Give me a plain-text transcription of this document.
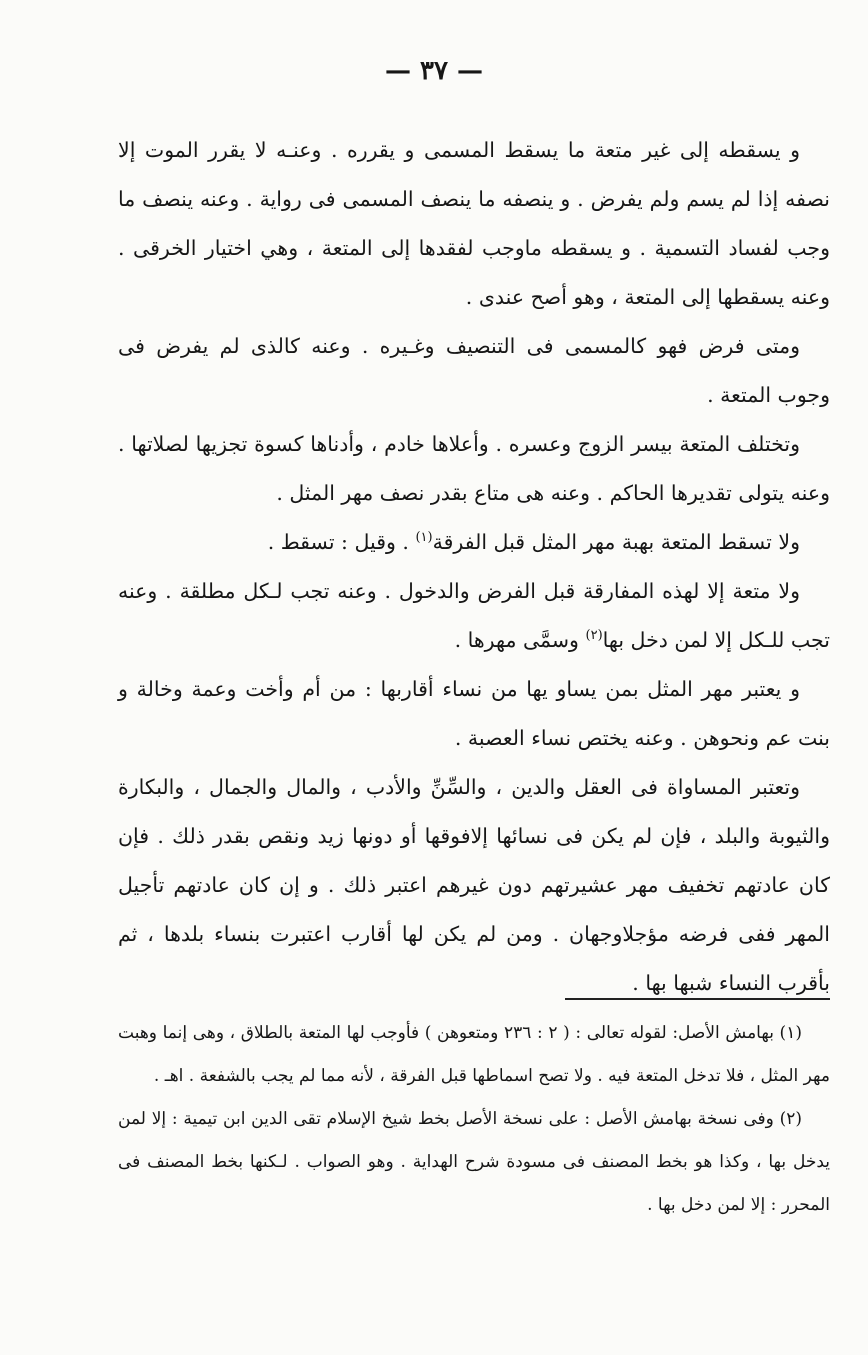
— ٣٧ —

و يسقطه إلى غير متعة ما يسقط المسمى و يقرره . وعنـه لا يقرر الموت إلا نصفه إذا لم يسم ولم يفرض . و ينصفه ما ينصف المسمى فى رواية . وعنه ينصف ما وجب لفساد التسمية . و يسقطه ماوجب لفقدها إلى المتعة ، وهي اختيار الخرقى . وعنه يسقطها إلى المتعة ، وهو أصح عندى .

ومتى فرض فهو كالمسمى فى التنصيف وغـيره . وعنه كالذى لم يفرض فى وجوب المتعة .

وتختلف المتعة بيسر الزوج وعسره . وأعلاها خادم ، وأدناها كسوة تجزيها لصلاتها . وعنه يتولى تقديرها الحاكم . وعنه هى متاع بقدر نصف مهر المثل .

ولا تسقط المتعة بهبة مهر المثل قبل الفرقة$^{(١)}$ . وقيل : تسقط .

ولا متعة إلا لهذه المفارقة قبل الفرض والدخول . وعنه تجب لـكل مطلقة . وعنه تجب للـكل إلا لمن دخل بها$^{(٢)}$ وسمَّى مهرها .

و يعتبر مهر المثل بمن يساو يها من نساء أقاربها : من أم وأخت وعمة وخالة و بنت عم ونحوهن . وعنه يختص نساء العصبة .

وتعتبر المساواة فى العقل والدين ، والسِّنِّ والأدب ، والمال والجمال ، والبكارة والثيوبة والبلد ، فإن لم يكن فى نسائها إلافوقها أو دونها زيد ونقص بقدر ذلك . فإن كان عادتهم تخفيف مهر عشيرتهم دون غيرهم اعتبر ذلك . و إن كان عادتهم تأجيل المهر ففى فرضه مؤجلاوجهان . ومن لم يكن لها أقارب اعتبرت بنساء بلدها ، ثم بأقرب النساء شبها بها .

(١) بهامش الأصل: لقوله تعالى : ( ٢ : ٢٣٦ ومتعوهن ) فأوجب لها المتعة بالطلاق ، وهى إنما وهبت مهر المثل ، فلا تدخل المتعة فيه . ولا تصح اسماطها قبل الفرقة ، لأنه مما لم يجب بالشفعة . اهـ .

(٢) وفى نسخة بهامش الأصل : على نسخة الأصل بخط شيخ الإسلام تقى الدين ابن تيمية : إلا لمن يدخل بها ، وكذا هو بخط المصنف فى مسودة شرح الهداية . وهو الصواب . لـكنها بخط المصنف فى المحرر : إلا لمن دخل بها .
